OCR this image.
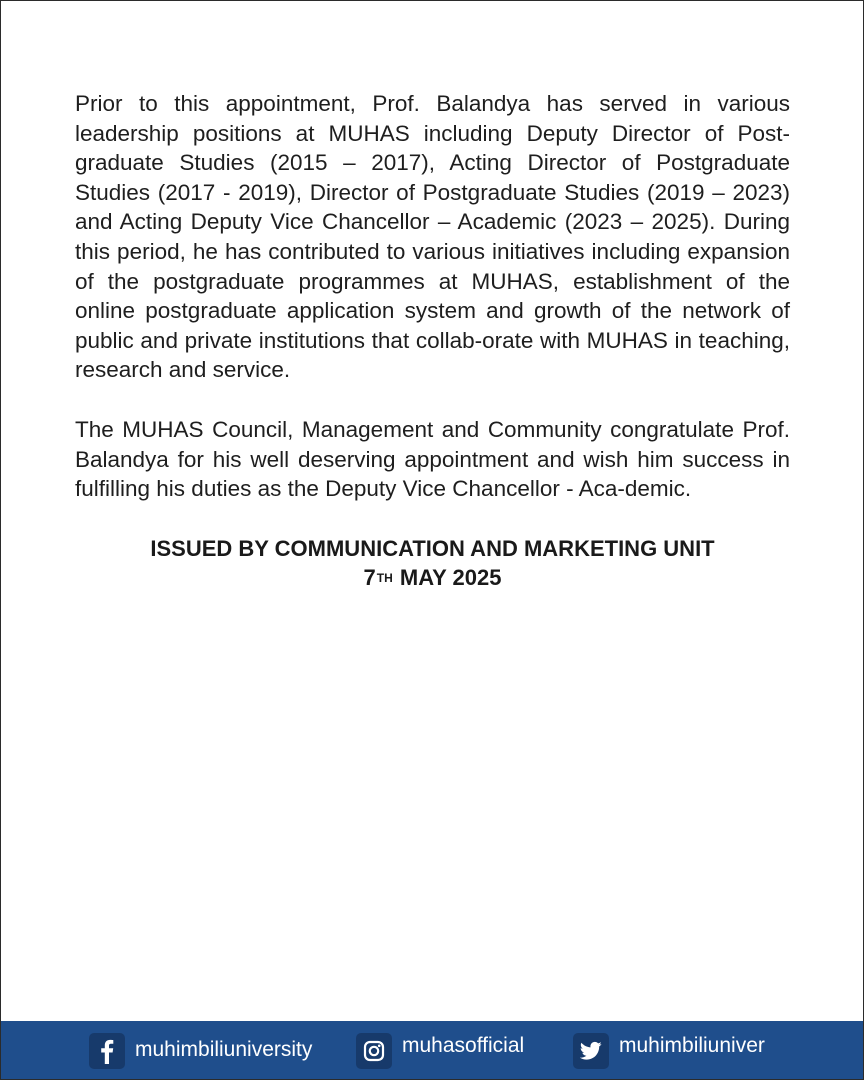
Prior to this appointment, Prof. Balandya has served in various leadership positions at MUHAS including Deputy Director of Post-graduate Studies (2015 – 2017), Acting Director of Postgraduate Studies (2017 - 2019), Director of Postgraduate Studies (2019 – 2023) and Acting Deputy Vice Chancellor – Academic (2023 – 2025). During this period, he has contributed to various initiatives including expansion of the postgraduate programmes at MUHAS, establishment of the online postgraduate application system and growth of the network of public and private institutions that collab-orate with MUHAS in teaching, research and service.

The MUHAS Council, Management and Community congratulate Prof. Balandya for his well deserving appointment and wish him success in fulfilling his duties as the Deputy Vice Chancellor - Aca-demic.

ISSUED BY COMMUNICATION AND MARKETING UNIT
7TH MAY 2025
muhimbiliuniversity	muhasofficial	muhimbiliuniver
